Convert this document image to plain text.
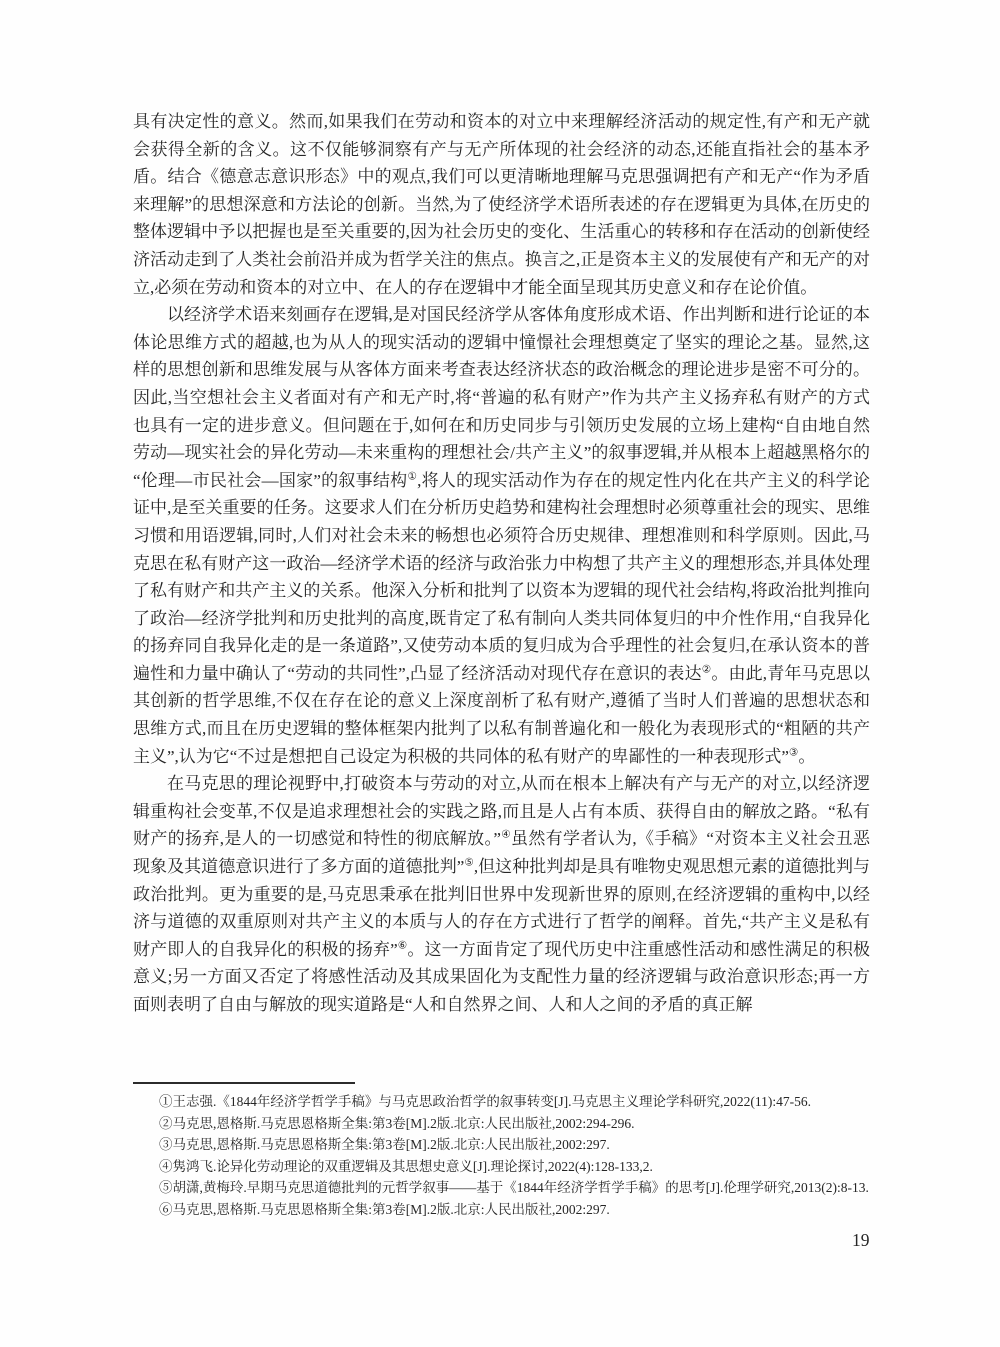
具有决定性的意义。然而,如果我们在劳动和资本的对立中来理解经济活动的规定性,有产和无产就会获得全新的含义。这不仅能够洞察有产与无产所体现的社会经济的动态,还能直指社会的基本矛盾。结合《德意志意识形态》中的观点,我们可以更清晰地理解马克思强调把有产和无产“作为矛盾来理解”的思想深意和方法论的创新。当然,为了使经济学术语所表述的存在逻辑更为具体,在历史的整体逻辑中予以把握也是至关重要的,因为社会历史的变化、生活重心的转移和存在活动的创新使经济活动走到了人类社会前沿并成为哲学关注的焦点。换言之,正是资本主义的发展使有产和无产的对立,必须在劳动和资本的对立中、在人的存在逻辑中才能全面呈现其历史意义和存在论价值。

以经济学术语来刻画存在逻辑,是对国民经济学从客体角度形成术语、作出判断和进行论证的本体论思维方式的超越,也为从人的现实活动的逻辑中憧憬社会理想奠定了坚实的理论之基。显然,这样的思想创新和思维发展与从客体方面来考查表达经济状态的政治概念的理论进步是密不可分的。因此,当空想社会主义者面对有产和无产时,将“普遍的私有财产”作为共产主义扬弃私有财产的方式也具有一定的进步意义。但问题在于,如何在和历史同步与引领历史发展的立场上建构“自由地自然劳动—现实社会的异化劳动—未来重构的理想社会/共产主义”的叙事逻辑,并从根本上超越黑格尔的“伦理—市民社会—国家”的叙事结构①,将人的现实活动作为存在的规定性内化在共产主义的科学论证中,是至关重要的任务。这要求人们在分析历史趋势和建构社会理想时必须尊重社会的现实、思维习惯和用语逻辑,同时,人们对社会未来的畅想也必须符合历史规律、理想准则和科学原则。因此,马克思在私有财产这一政治—经济学术语的经济与政治张力中构想了共产主义的理想形态,并具体处理了私有财产和共产主义的关系。他深入分析和批判了以资本为逻辑的现代社会结构,将政治批判推向了政治—经济学批判和历史批判的高度,既肯定了私有制向人类共同体复归的中介性作用,“自我异化的扬弃同自我异化走的是一条道路”,又使劳动本质的复归成为合乎理性的社会复归,在承认资本的普遍性和力量中确认了“劳动的共同性”,凸显了经济活动对现代存在意识的表达②。由此,青年马克思以其创新的哲学思维,不仅在存在论的意义上深度剖析了私有财产,遵循了当时人们普遍的思想状态和思维方式,而且在历史逻辑的整体框架内批判了以私有制普遍化和一般化为表现形式的“粗陋的共产主义”,认为它“不过是想把自己设定为积极的共同体的私有财产的卑鄙性的一种表现形式”③。

在马克思的理论视野中,打破资本与劳动的对立,从而在根本上解决有产与无产的对立,以经济逻辑重构社会变革,不仅是追求理想社会的实践之路,而且是人占有本质、获得自由的解放之路。“私有财产的扬弃,是人的一切感觉和特性的彻底解放。”④虽然有学者认为,《手稿》“对资本主义社会丑恶现象及其道德意识进行了多方面的道德批判”⑤,但这种批判却是具有唯物史观思想元素的道德批判与政治批判。更为重要的是,马克思秉承在批判旧世界中发现新世界的原则,在经济逻辑的重构中,以经济与道德的双重原则对共产主义的本质与人的存在方式进行了哲学的阐释。首先,“共产主义是私有财产即人的自我异化的积极的扬弃”⑥。这一方面肯定了现代历史中注重感性活动和感性满足的积极意义;另一方面又否定了将感性活动及其成果固化为支配性力量的经济逻辑与政治意识形态;再一方面则表明了自由与解放的现实道路是“人和自然界之间、人和人之间的矛盾的真正解

①王志强.《1844年经济学哲学手稿》与马克思政治哲学的叙事转变[J].马克思主义理论学科研究,2022(11):47-56.
②马克思,恩格斯.马克思恩格斯全集:第3卷[M].2版.北京:人民出版社,2002:294-296.
③马克思,恩格斯.马克思恩格斯全集:第3卷[M].2版.北京:人民出版社,2002:297.
④隽鸿飞.论异化劳动理论的双重逻辑及其思想史意义[J].理论探讨,2022(4):128-133,2.
⑤胡潇,黄梅玲.早期马克思道德批判的元哲学叙事——基于《1844年经济学哲学手稿》的思考[J].伦理学研究,2013(2):8-13.
⑥马克思,恩格斯.马克思恩格斯全集:第3卷[M].2版.北京:人民出版社,2002:297.
19
